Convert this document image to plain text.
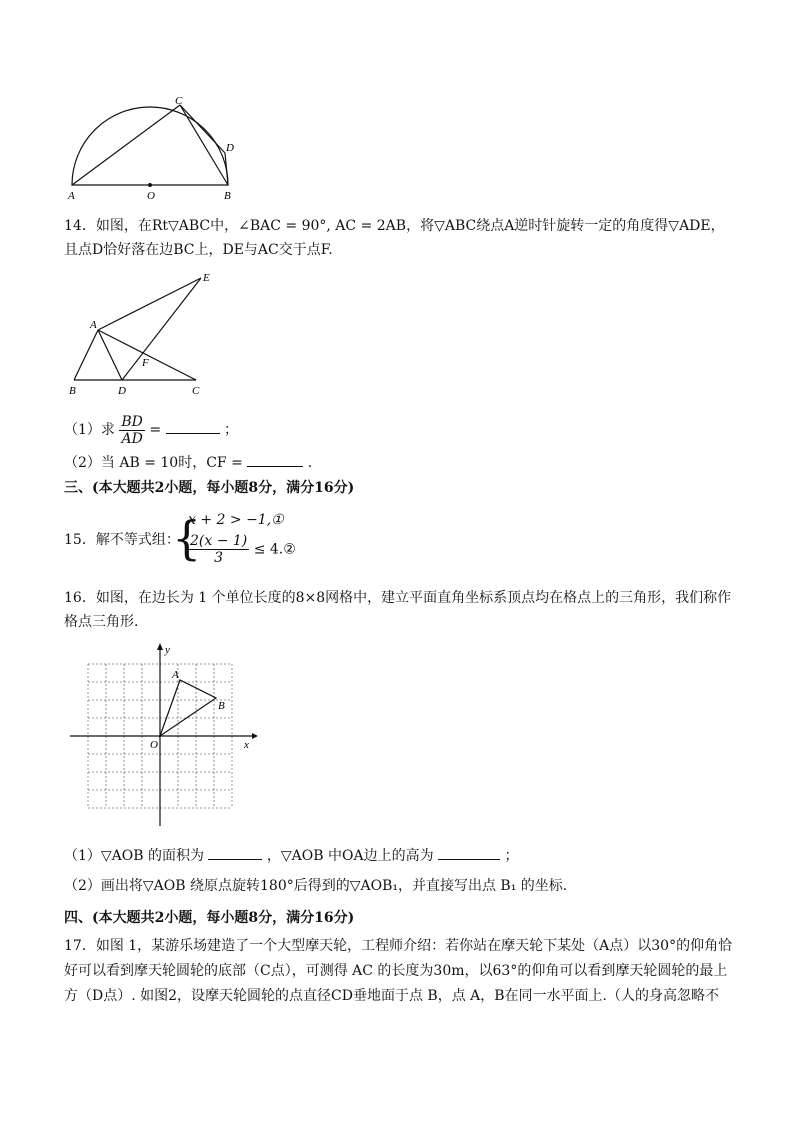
A	O	B
C
D
14．如图，在Rt▽ABC中，∠BAC = 90°, AC = 2AB，将▽ABC绕点A逆时针旋转一定的角度得▽ADE，
且点D恰好落在边BC上，DE与AC交于点F.
A
B	D	C
E
F
（1）求 $\frac{BD}{AD}$ =	；
（2）当 AB = 10时，CF =	.
三、(本大题共2小题，每小题8分，满分16分)
15．解不等式组：
{
x + 2 > −1,①
$\frac{2(x - 1)}{3}$ ≤ 4.②
16．如图，在边长为 1 个单位长度的8×8网格中，建立平面直角坐标系顶点均在格点上的三角形，我们称作
格点三角形.
y
x
O
A
B
（1）▽AOB 的面积为	，▽AOB 中OA边上的高为	；
（2）画出将▽AOB 绕原点旋转180°后得到的▽AOB₁，并直接写出点 B₁ 的坐标.
四、(本大题共2小题，每小题8分，满分16分)
17．如图 1，某游乐场建造了一个大型摩天轮，工程师介绍：若你站在摩天轮下某处（A点）以30°的仰角恰
好可以看到摩天轮圆轮的底部（C点），可测得 AC 的长度为30m，以63°的仰角可以看到摩天轮圆轮的最上
方（D点）. 如图2，设摩天轮圆轮的点直径CD垂地面于点 B，点 A，B在同一水平面上.（人的身高忽略不
